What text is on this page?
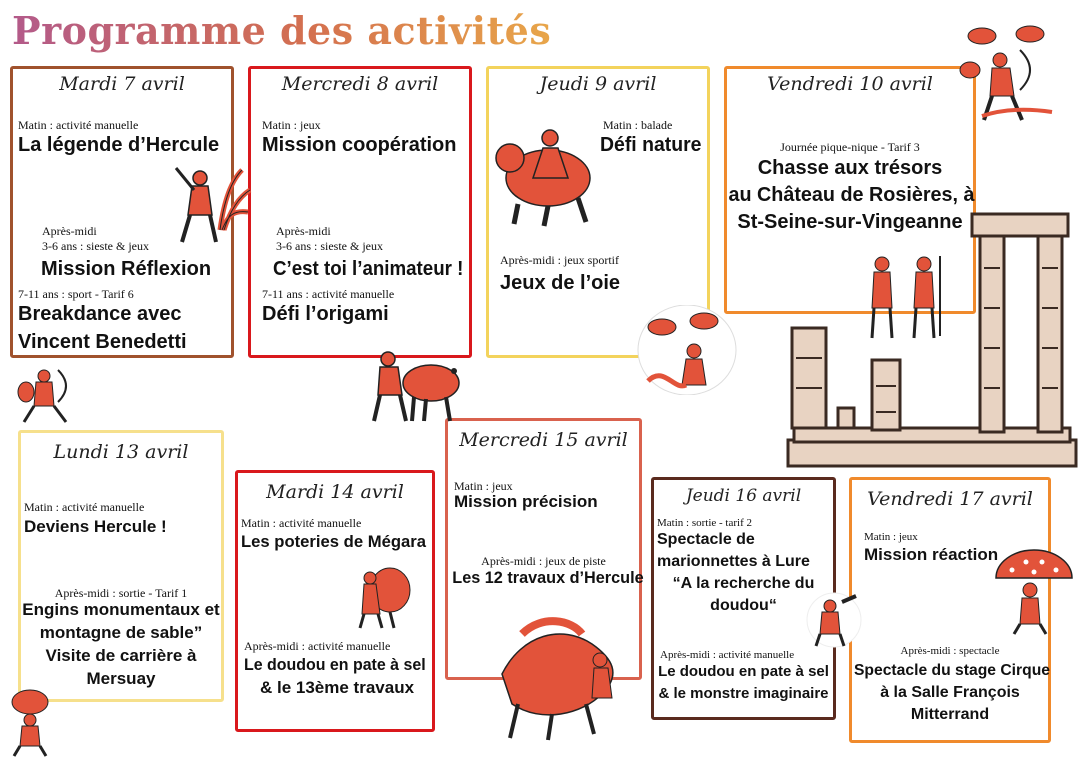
Programme des activités
Mardi 7 avril
Matin : activité manuelle
La légende d’Hercule
Après-midi
3-6 ans : sieste & jeux
Mission Réflexion
7-11 ans : sport - Tarif 6
Breakdance avec
Vincent Benedetti
Mercredi 8 avril
Matin : jeux
Mission coopération
Après-midi
3-6 ans : sieste & jeux
C’est toi l’animateur !
7-11 ans : activité manuelle
Défi l’origami
Jeudi 9 avril
Matin : balade
Défi nature
Après-midi : jeux sportif
Jeux de l’oie
Vendredi 10 avril
Journée pique-nique - Tarif 3
Chasse aux trésors
au Château de Rosières, à
St-Seine-sur-Vingeanne
Lundi 13 avril
Matin : activité manuelle
Deviens Hercule !
Après-midi : sortie - Tarif 1
Engins monumentaux et
montagne de sable”
Visite de carrière à
Mersuay
Mardi 14 avril
Matin : activité manuelle
Les poteries de Mégara
Après-midi : activité manuelle
Le doudou en pate à sel
& le 13ème travaux
Mercredi 15 avril
Matin : jeux
Mission précision
Après-midi : jeux de piste
Les 12 travaux d’Hercule
Jeudi 16 avril
Matin : sortie - tarif 2
Spectacle de
marionnettes à Lure
“A la recherche du
doudou“
Après-midi : activité manuelle
Le doudou en pate à sel
& le monstre imaginaire
Vendredi 17 avril
Matin : jeux
Mission réaction
Après-midi : spectacle
Spectacle du stage Cirque
à la Salle François
Mitterrand
